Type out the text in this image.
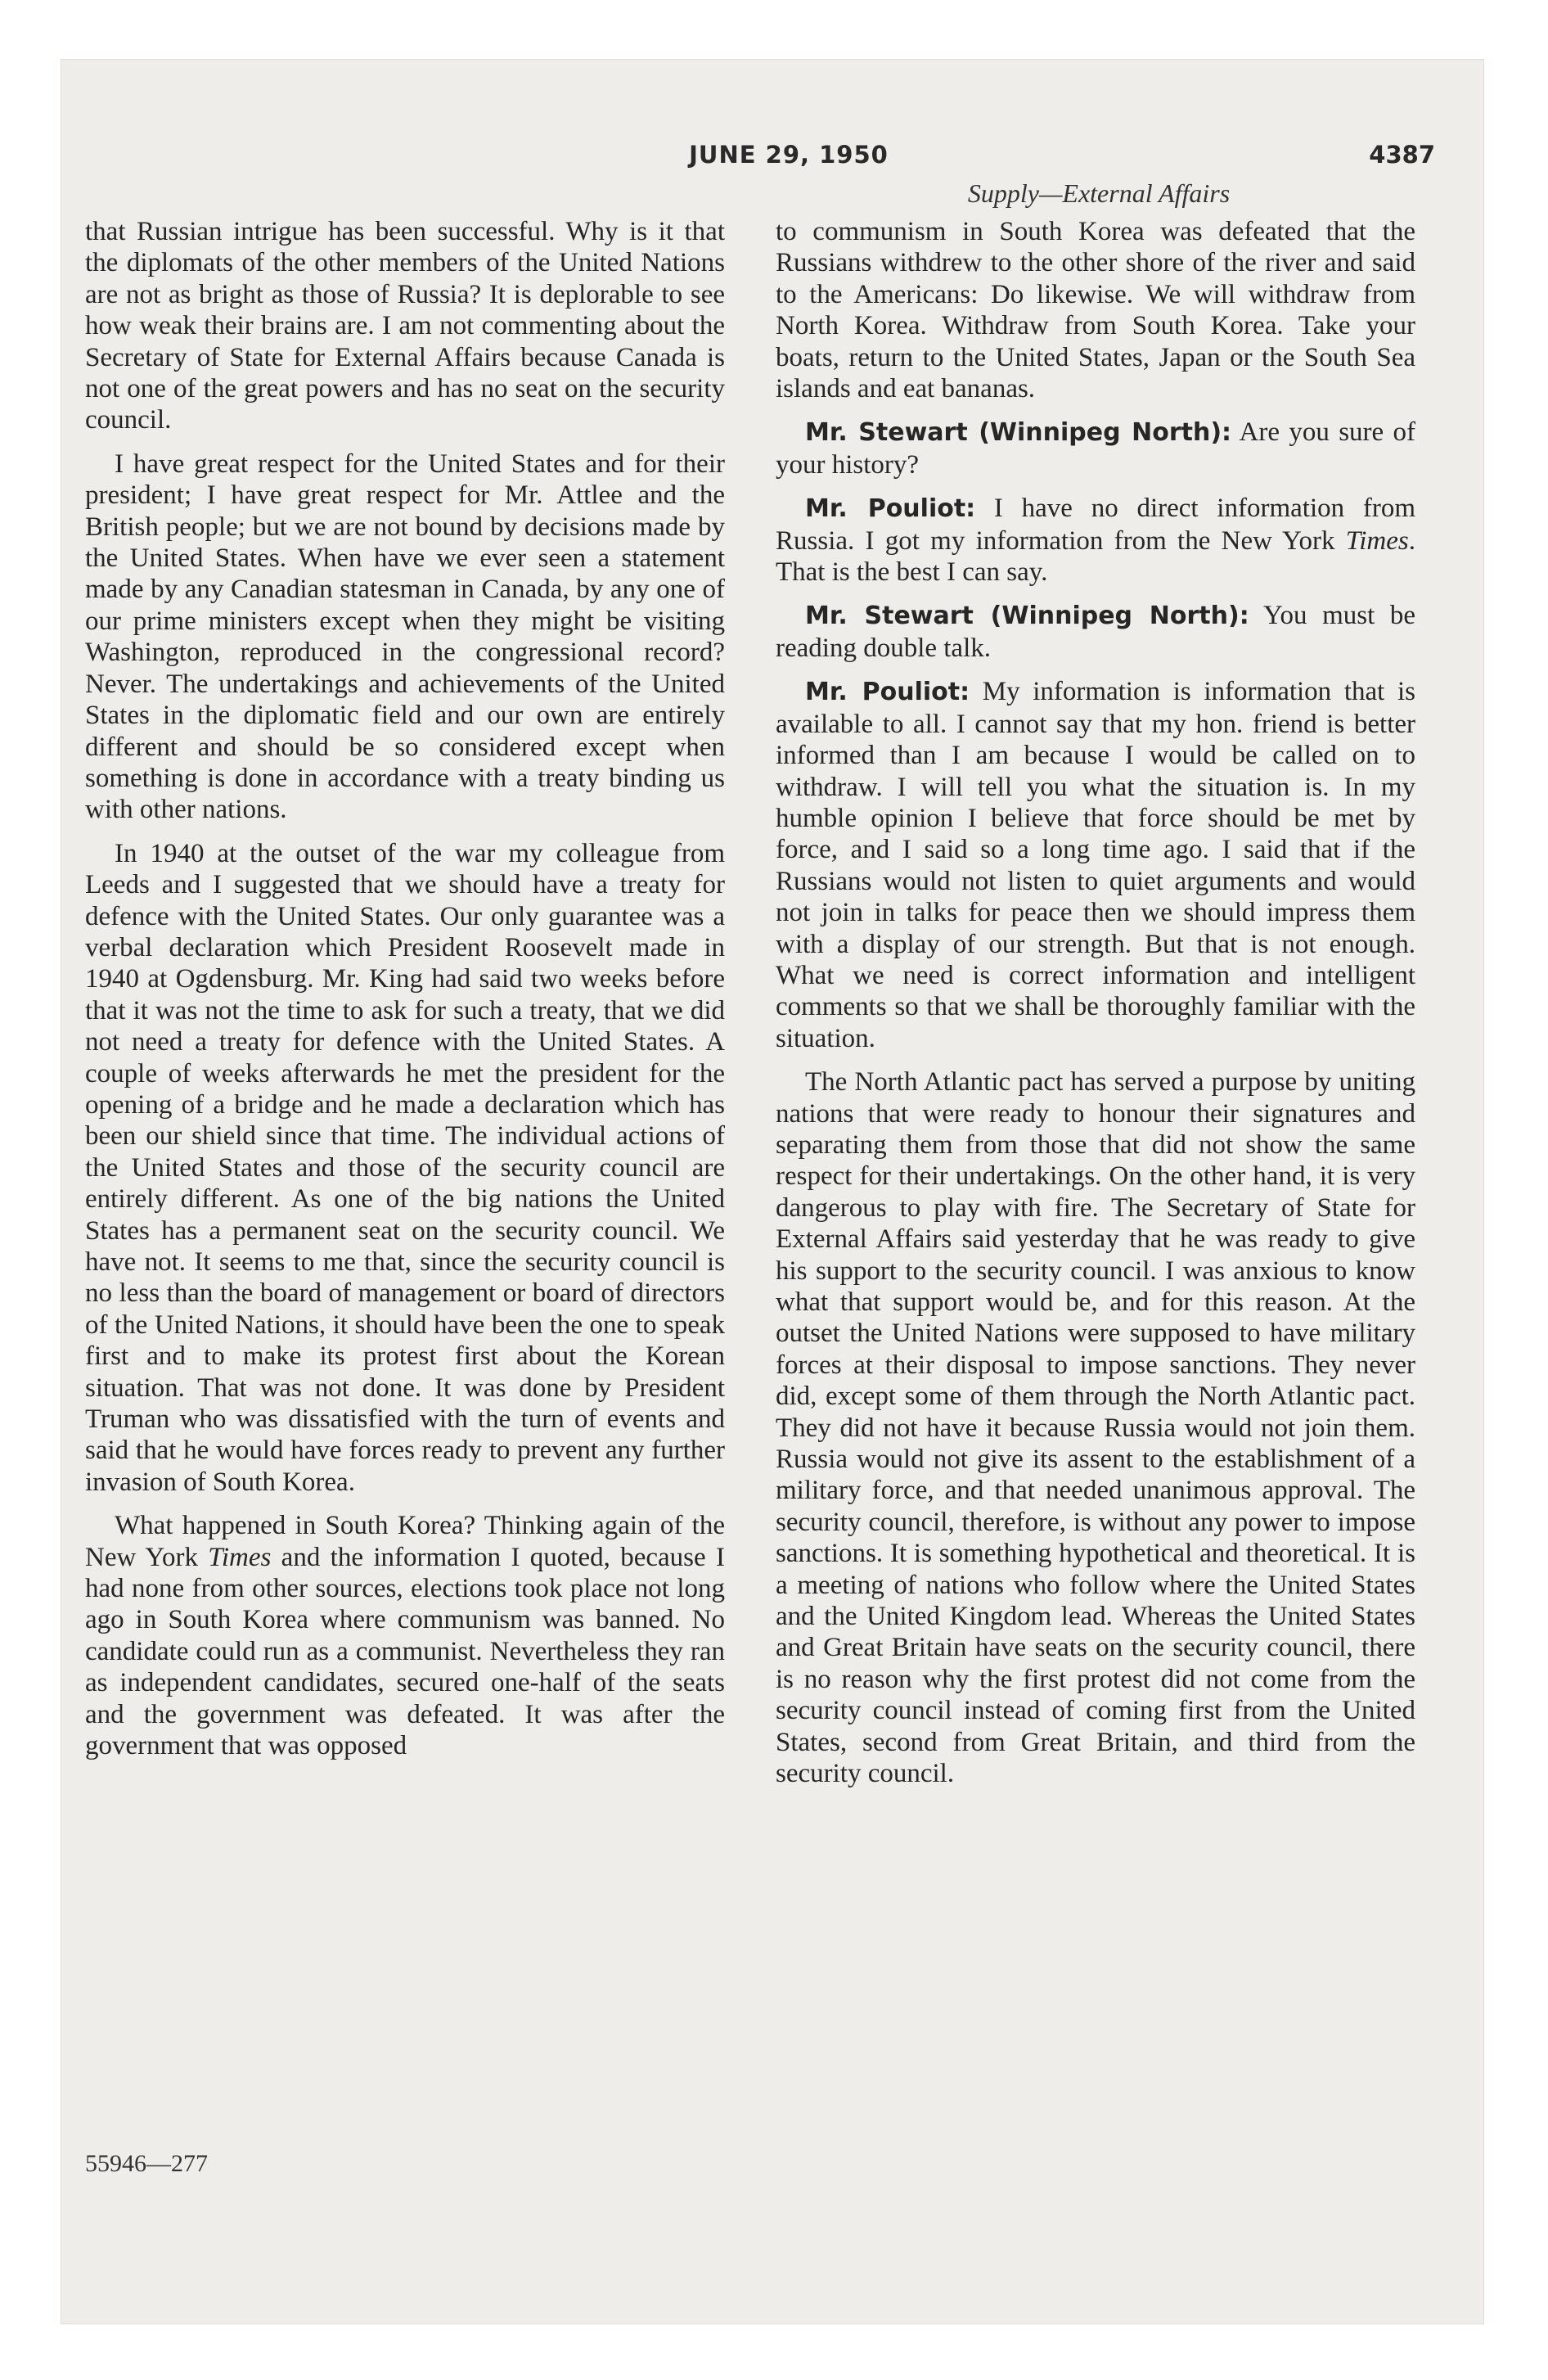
JUNE 29, 1950	4387
Supply—External Affairs

that Russian intrigue has been successful. Why is it that the diplomats of the other members of the United Nations are not as bright as those of Russia? It is deplorable to see how weak their brains are. I am not commenting about the Secretary of State for External Affairs because Canada is not one of the great powers and has no seat on the security council.

I have great respect for the United States and for their president; I have great respect for Mr. Attlee and the British people; but we are not bound by decisions made by the United States. When have we ever seen a statement made by any Canadian statesman in Canada, by any one of our prime ministers except when they might be visiting Washington, reproduced in the congressional record? Never. The undertakings and achievements of the United States in the diplomatic field and our own are entirely different and should be so considered except when something is done in accordance with a treaty binding us with other nations.

In 1940 at the outset of the war my colleague from Leeds and I suggested that we should have a treaty for defence with the United States. Our only guarantee was a verbal declaration which President Roosevelt made in 1940 at Ogdensburg. Mr. King had said two weeks before that it was not the time to ask for such a treaty, that we did not need a treaty for defence with the United States. A couple of weeks afterwards he met the president for the opening of a bridge and he made a declaration which has been our shield since that time. The individual actions of the United States and those of the security council are entirely different. As one of the big nations the United States has a permanent seat on the security council. We have not. It seems to me that, since the security council is no less than the board of management or board of directors of the United Nations, it should have been the one to speak first and to make its protest first about the Korean situation. That was not done. It was done by President Truman who was dissatisfied with the turn of events and said that he would have forces ready to prevent any further invasion of South Korea.

What happened in South Korea? Thinking again of the New York Times and the information I quoted, because I had none from other sources, elections took place not long ago in South Korea where communism was banned. No candidate could run as a communist. Nevertheless they ran as independent candidates, secured one-half of the seats and the government was defeated. It was after the government that was opposed

to communism in South Korea was defeated that the Russians withdrew to the other shore of the river and said to the Americans: Do likewise. We will withdraw from North Korea. Withdraw from South Korea. Take your boats, return to the United States, Japan or the South Sea islands and eat bananas.

Mr. Stewart (Winnipeg North): Are you sure of your history?

Mr. Pouliot: I have no direct information from Russia. I got my information from the New York Times. That is the best I can say.

Mr. Stewart (Winnipeg North): You must be reading double talk.

Mr. Pouliot: My information is information that is available to all. I cannot say that my hon. friend is better informed than I am because I would be called on to withdraw. I will tell you what the situation is. In my humble opinion I believe that force should be met by force, and I said so a long time ago. I said that if the Russians would not listen to quiet arguments and would not join in talks for peace then we should impress them with a display of our strength. But that is not enough. What we need is correct information and intelligent comments so that we shall be thoroughly familiar with the situation.

The North Atlantic pact has served a purpose by uniting nations that were ready to honour their signatures and separating them from those that did not show the same respect for their undertakings. On the other hand, it is very dangerous to play with fire. The Secretary of State for External Affairs said yesterday that he was ready to give his support to the security council. I was anxious to know what that support would be, and for this reason. At the outset the United Nations were supposed to have military forces at their disposal to impose sanctions. They never did, except some of them through the North Atlantic pact. They did not have it because Russia would not join them. Russia would not give its assent to the establishment of a military force, and that needed unanimous approval. The security council, therefore, is without any power to impose sanctions. It is something hypothetical and theoretical. It is a meeting of nations who follow where the United States and the United Kingdom lead. Whereas the United States and Great Britain have seats on the security council, there is no reason why the first protest did not come from the security council instead of coming first from the United States, second from Great Britain, and third from the security council.

55946—277
